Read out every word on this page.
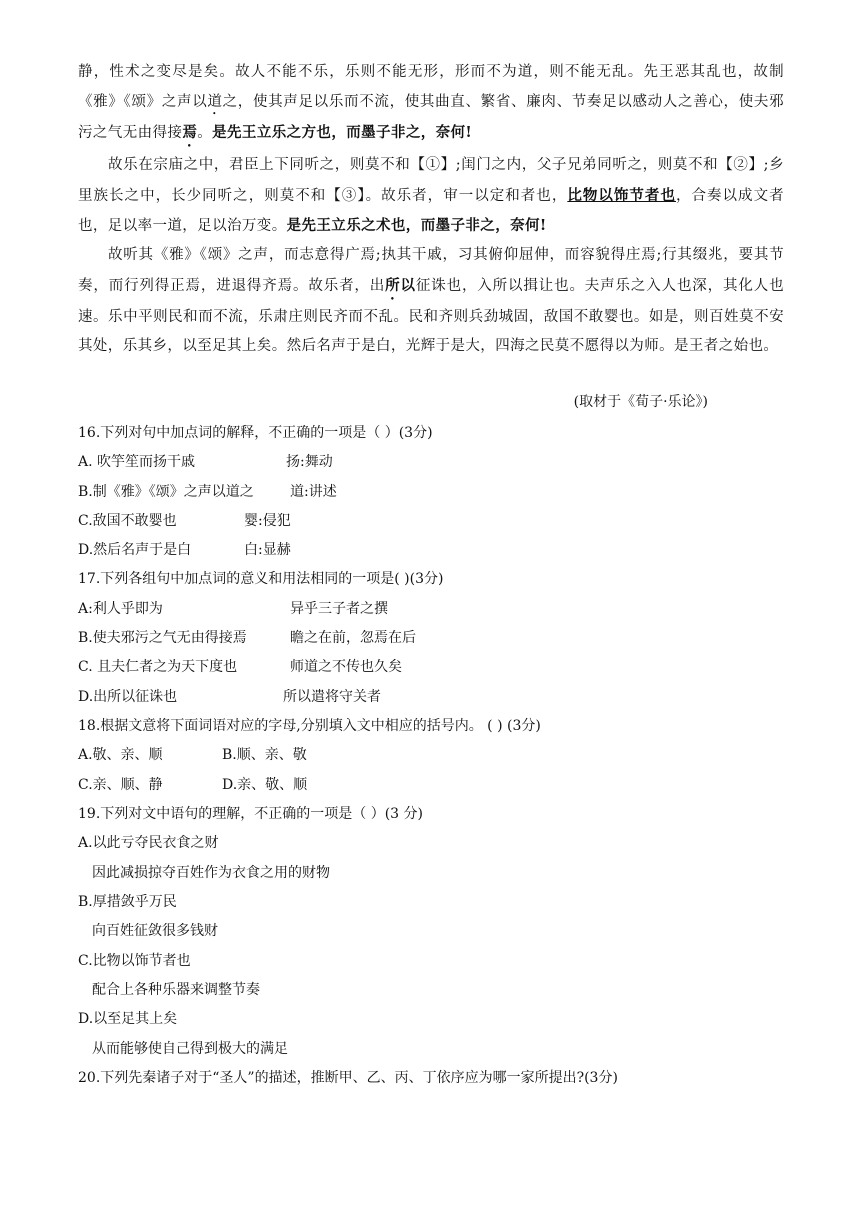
静，性术之变尽是矣。故人不能不乐，乐则不能无形，形而不为道，则不能无乱。先王恶其乱也，故制《雅》《颂》之声以道之，使其声足以乐而不流，使其曲直、繁省、廉肉、节奏足以感动人之善心，使夫邪污之气无由得接焉。是先王立乐之方也，而墨子非之，奈何!

故乐在宗庙之中，君臣上下同听之，则莫不和【①】;闺门之内，父子兄弟同听之，则莫不和【②】;乡里族长之中，长少同听之，则莫不和【③】。故乐者，审一以定和者也，比物以饰节者也，合奏以成文者也，足以率一道，足以治万变。是先王立乐之术也，而墨子非之，奈何!

故听其《雅》《颂》之声，而志意得广焉;执其干戚，习其俯仰屈伸，而容貌得庄焉;行其缀兆，要其节奏，而行列得正焉，进退得齐焉。故乐者，出所以征诛也，入所以揖让也。夫声乐之入人也深，其化人也速。乐中平则民和而不流，乐肃庄则民齐而不乱。民和齐则兵劲城固，敌国不敢婴也。如是，则百姓莫不安其处，乐其乡，以至足其上矣。然后名声于是白，光辉于是大，四海之民莫不愿得以为师。是王者之始也。

(取材于《荀子·乐论》)
16.下列对句中加点词的解释，不正确的一项是（ ）(3分)
A. 吹竽笙而扬干戚	扬:舞动
B.制《雅》《颂》之声以道之	道:讲述
C.敌国不敢婴也	婴:侵犯
D.然后名声于是白	白:显赫
17.下列各组句中加点词的意义和用法相同的一项是( )(3分)
A:利人乎即为	异乎三子者之撰
B.使夫邪污之气无由得接焉	瞻之在前，忽焉在后
C. 且夫仁者之为天下度也	师道之不传也久矣
D.出所以征诛也	所以遣将守关者
18.根据文意将下面词语对应的字母,分别填入文中相应的括号内。 ( ) (3分)
A.敬、亲、顺	B.顺、亲、敬
C.亲、顺、静	D.亲、敬、顺
19.下列对文中语句的理解，不正确的一项是（ ）(3 分)
A.以此亏夺民衣食之财
因此减损掠夺百姓作为衣食之用的财物
B.厚措敛乎万民
向百姓征敛很多钱财
C.比物以饰节者也
配合上各种乐器来调整节奏
D.以至足其上矣
从而能够使自己得到极大的满足
20.下列先秦诸子对于“圣人”的描述，推断甲、乙、丙、丁依序应为哪一家所提出?(3分)
